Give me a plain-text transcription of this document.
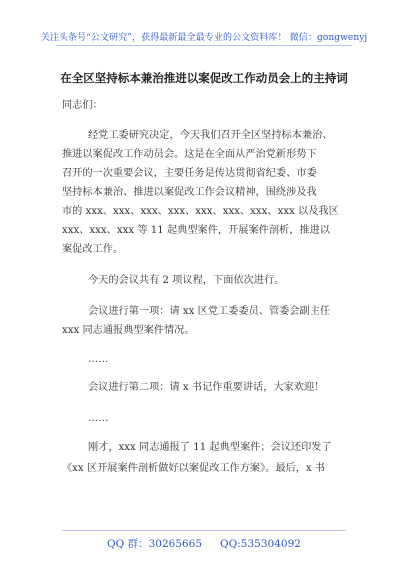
关注头条号“公文研究”，获得最新最全最专业的公文资料库！ 微信：gongwenyj
在全区坚持标本兼治推进以案促改工作动员会上的主持词
同志们：
经党工委研究决定，今天我们召开全区坚持标本兼治、
推进以案促改工作动员会。这是在全面从严治党新形势下
召开的一次重要会议，主要任务是传达贯彻省纪委、市委
坚持标本兼治、推进以案促改工作会议精神，围绕涉及我
市的 xxx、xxx、xxx、xxx、xxx、xxx、xxx、xxx 以及我区
xxx、xxx、xxx 等 11 起典型案件，开展案件剖析，推进以
案促改工作。
今天的会议共有 2 项议程，下面依次进行。
会议进行第一项：请 xx 区党工委委员、管委会副主任
xxx 同志通报典型案件情况。
……
会议进行第二项：请 x 书记作重要讲话，大家欢迎！
……
刚才，xxx 同志通报了 11 起典型案件；会议还印发了
《xx 区开展案件剖析做好以案促改工作方案》。最后，x 书
QQ 群：30265665 QQ:535304092
